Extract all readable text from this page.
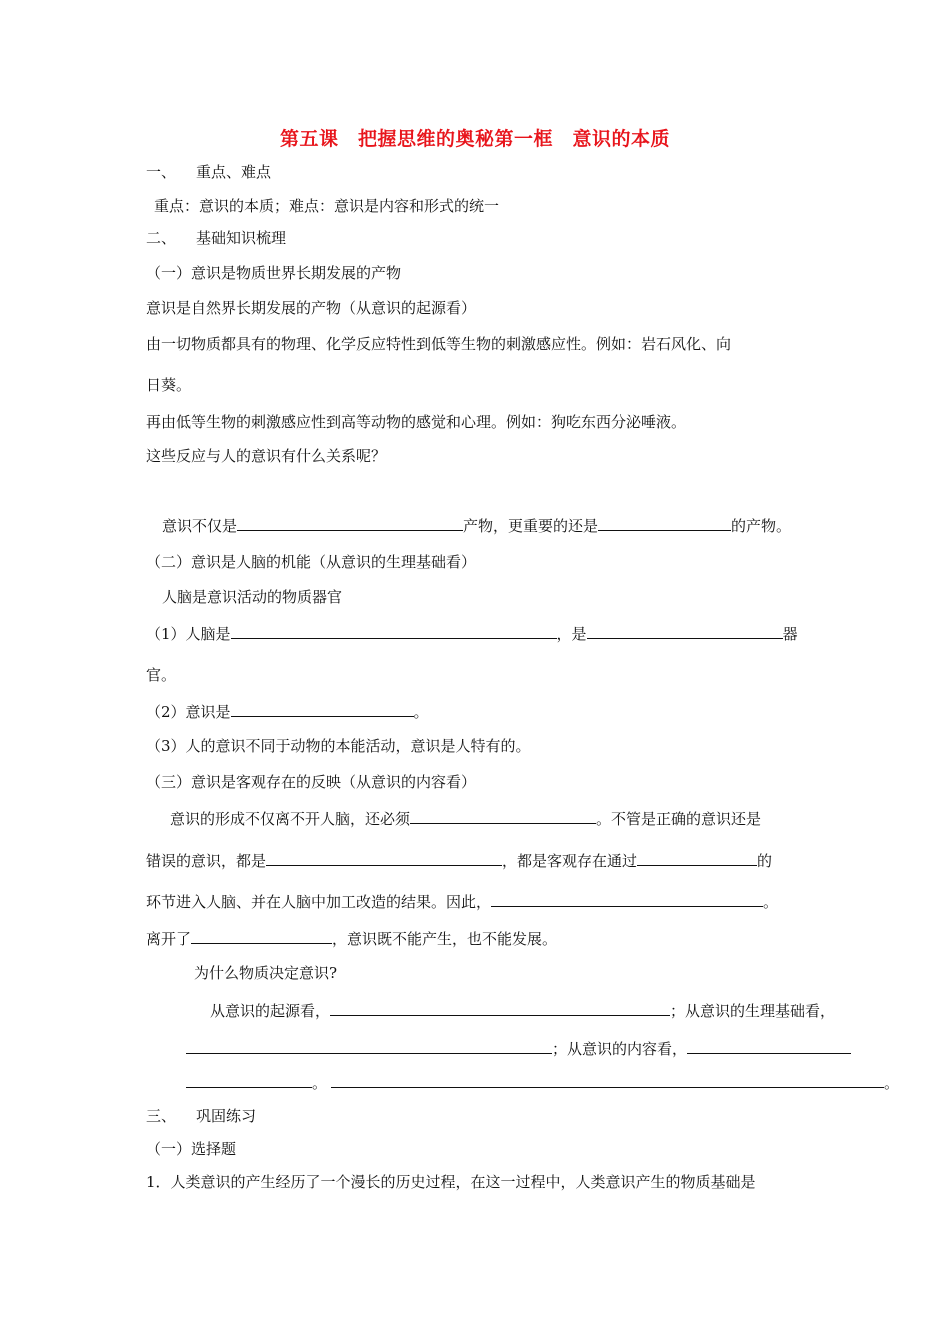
第五课　把握思维的奥秘第一框　意识的本质
一、 重点、难点
重点：意识的本质；难点：意识是内容和形式的统一
二、 基础知识梳理
（一）意识是物质世界长期发展的产物
意识是自然界长期发展的产物（从意识的起源看）
由一切物质都具有的物理、化学反应特性到低等生物的刺激感应性。例如：岩石风化、向
日葵。
再由低等生物的刺激感应性到高等动物的感觉和心理。例如：狗吃东西分泌唾液。
这些反应与人的意识有什么关系呢？
意识不仅是	产物，更重要的还是	的产物。
（二）意识是人脑的机能（从意识的生理基础看）
人脑是意识活动的物质器官
（1）人脑是	，是	器
官。
（2）意识是	。
（3）人的意识不同于动物的本能活动，意识是人特有的。
（三）意识是客观存在的反映（从意识的内容看）
意识的形成不仅离不开人脑，还必须	。不管是正确的意识还是
错误的意识，都是	，都是客观存在通过	的
环节进入人脑、并在人脑中加工改造的结果。因此，	。
离开了	，意识既不能产生，也不能发展。
为什么物质决定意识?
从意识的起源看，	；从意识的生理基础看，
；从意识的内容看，
。	。
三、 巩固练习
（一）选择题
1．人类意识的产生经历了一个漫长的历史过程，在这一过程中，人类意识产生的物质基础是
